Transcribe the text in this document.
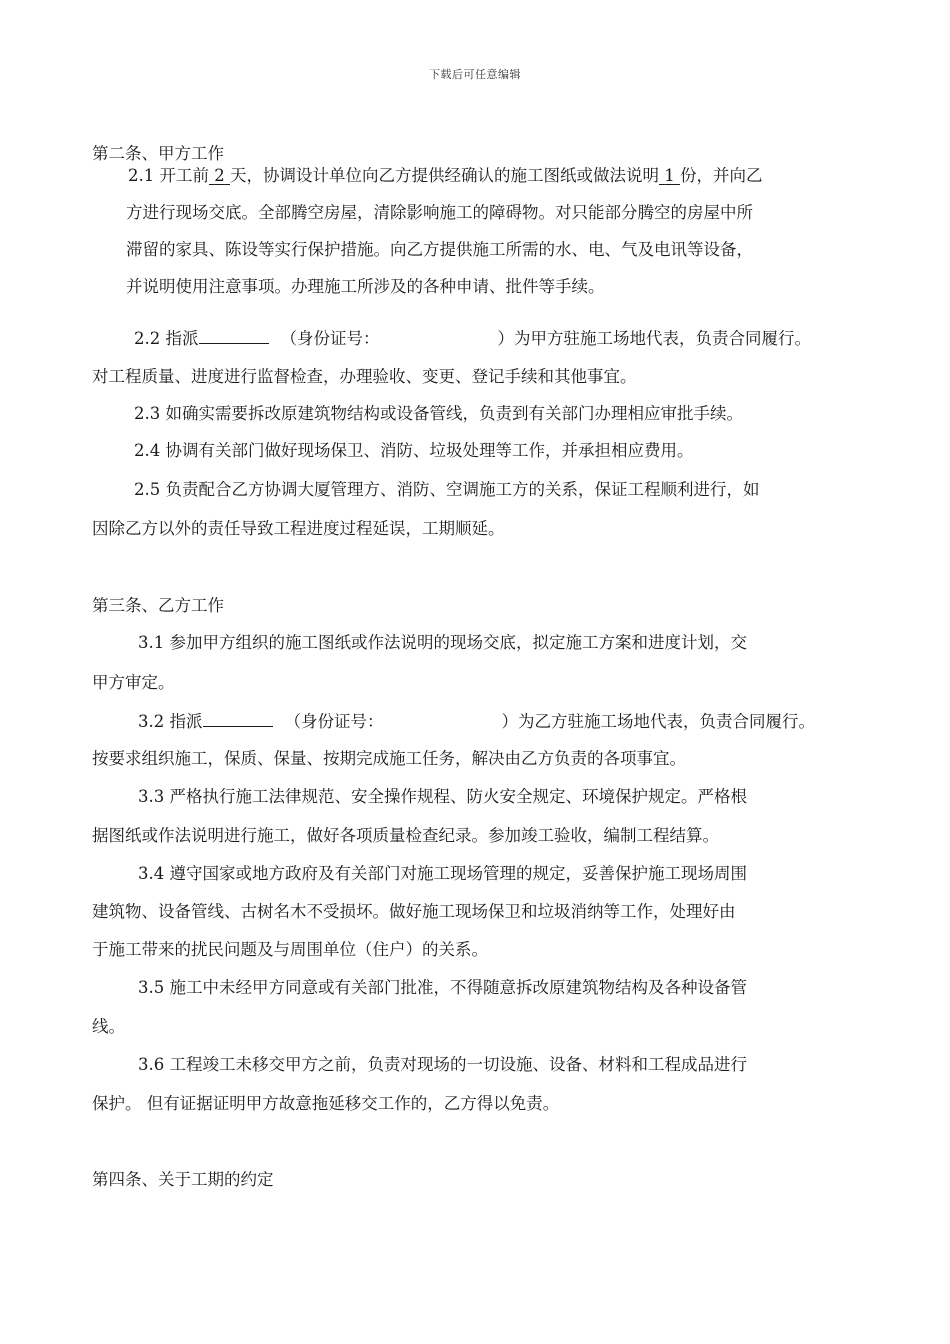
下载后可任意编辑
第二条、甲方工作
2.1 开工前 2 天，协调设计单位向乙方提供经确认的施工图纸或做法说明 1 份，并向乙
方进行现场交底。全部腾空房屋，清除影响施工的障碍物。对只能部分腾空的房屋中所
滞留的家具、陈设等实行保护措施。向乙方提供施工所需的水、电、气及电讯等设备，
并说明使用注意事项。办理施工所涉及的各种申请、批件等手续。
2.2 指派	（身份证号：	）为甲方驻施工场地代表，负责合同履行。
对工程质量、进度进行监督检查，办理验收、变更、登记手续和其他事宜。
2.3 如确实需要拆改原建筑物结构或设备管线，负责到有关部门办理相应审批手续。
2.4 协调有关部门做好现场保卫、消防、垃圾处理等工作，并承担相应费用。
2.5 负责配合乙方协调大厦管理方、消防、空调施工方的关系，保证工程顺利进行，如
因除乙方以外的责任导致工程进度过程延误，工期顺延。
第三条、乙方工作
3.1 参加甲方组织的施工图纸或作法说明的现场交底，拟定施工方案和进度计划，交
甲方审定。
3.2 指派	（身份证号：	）为乙方驻施工场地代表，负责合同履行。
按要求组织施工，保质、保量、按期完成施工任务，解决由乙方负责的各项事宜。
3.3 严格执行施工法律规范、安全操作规程、防火安全规定、环境保护规定。严格根
据图纸或作法说明进行施工，做好各项质量检查纪录。参加竣工验收，编制工程结算。
3.4 遵守国家或地方政府及有关部门对施工现场管理的规定，妥善保护施工现场周围
建筑物、设备管线、古树名木不受损坏。做好施工现场保卫和垃圾消纳等工作，处理好由
于施工带来的扰民问题及与周围单位（住户）的关系。
3.5 施工中未经甲方同意或有关部门批准，不得随意拆改原建筑物结构及各种设备管
线。
3.6 工程竣工未移交甲方之前，负责对现场的一切设施、设备、材料和工程成品进行
保护。 但有证据证明甲方故意拖延移交工作的，乙方得以免责。
第四条、关于工期的约定
